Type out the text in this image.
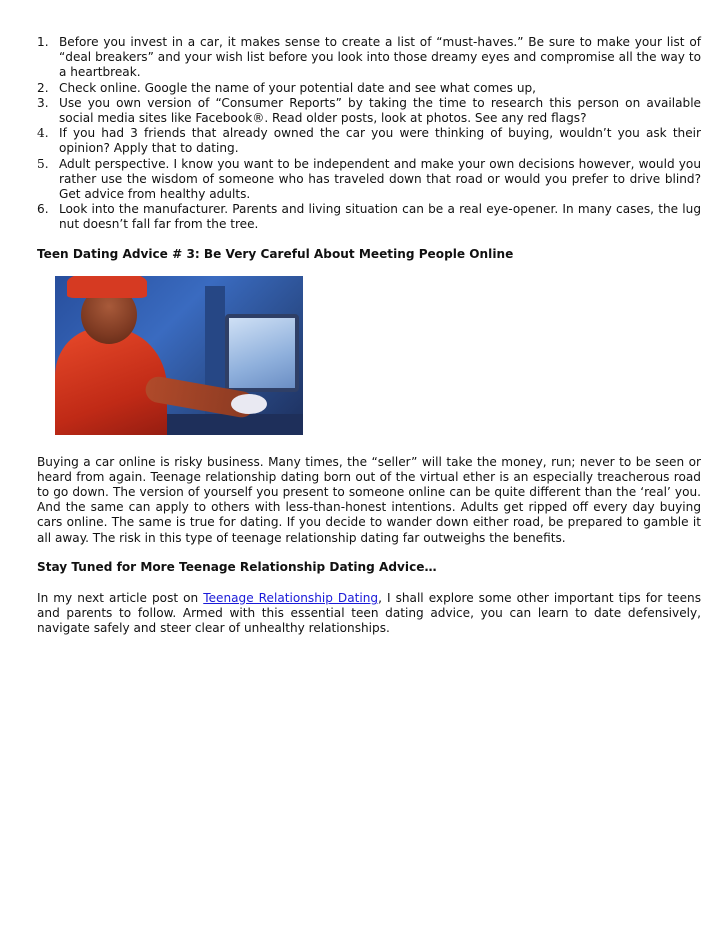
1. Before you invest in a car, it makes sense to create a list of “must-haves.” Be sure to make your list of “deal breakers” and your wish list before you look into those dreamy eyes and compromise all the way to a heartbreak.
2. Check online. Google the name of your potential date and see what comes up,
3. Use you own version of “Consumer Reports” by taking the time to research this person on available social media sites like Facebook®. Read older posts, look at photos. See any red flags?
4. If you had 3 friends that already owned the car you were thinking of buying, wouldn’t you ask their opinion? Apply that to dating.
5. Adult perspective. I know you want to be independent and make your own decisions however, would you rather use the wisdom of someone who has traveled down that road or would you prefer to drive blind? Get advice from healthy adults.
6. Look into the manufacturer. Parents and living situation can be a real eye-opener. In many cases, the lug nut doesn’t fall far from the tree.
Teen Dating Advice # 3: Be Very Careful About Meeting People Online

Buying a car online is risky business. Many times, the “seller” will take the money, run; never to be seen or heard from again. Teenage relationship dating born out of the virtual ether is an especially treacherous road to go down. The version of yourself you present to someone online can be quite different than the ‘real’ you. And the same can apply to others with less-than-honest intentions. Adults get ripped off every day buying cars online. The same is true for dating. If you decide to wander down either road, be prepared to gamble it all away. The risk in this type of teenage relationship dating far outweighs the benefits.

Stay Tuned for More Teenage Relationship Dating Advice…

In my next article post on Teenage Relationship Dating, I shall explore some other important tips for teens and parents to follow. Armed with this essential teen dating advice, you can learn to date defensively, navigate safely and steer clear of unhealthy relationships.
